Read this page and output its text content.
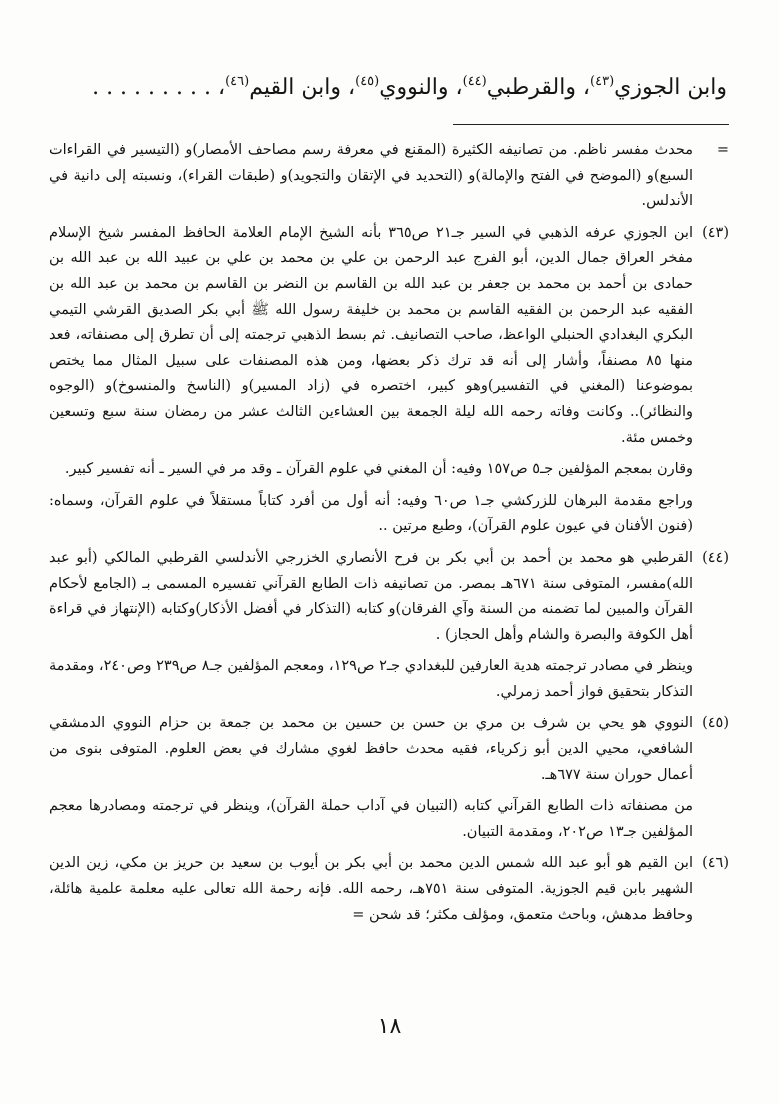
وابن الجوزي$^{(٤٣)}$، والقرطبي$^{(٤٤)}$، والنووي$^{(٤٥)}$، وابن القيم$^{(٤٦)}$، . . . . . . . . .
=

محدث مفسر ناظم. من تصانيفه الكثيرة (المقنع في معرفة رسم مصاحف الأمصار)و (التيسير في القراءات السبع)و (الموضح في الفتح والإمالة)و (التحديد في الإتقان والتجويد)و (طبقات القراء)، ونسبته إلى دانية في الأندلس.

(٤٣)

ابن الجوزي عرفه الذهبي في السير جـ٢١ ص٣٦٥ بأنه الشيخ الإمام العلامة الحافظ المفسر شيخ الإسلام مفخر العراق جمال الدين، أبو الفرج عبد الرحمن بن علي بن محمد بن علي بن عبيد الله بن عبد الله بن حمادى بن أحمد بن محمد بن جعفر بن عبد الله بن القاسم بن النضر بن القاسم بن محمد بن عبد الله بن الفقيه عبد الرحمن بن الفقيه القاسم بن محمد بن خليفة رسول الله ﷺ أبي بكر الصديق القرشي التيمي البكري البغدادي الحنبلي الواعظ، صاحب التصانيف. ثم بسط الذهبي ترجمته إلى أن تطرق إلى مصنفاته، فعد منها ٨٥ مصنفاً، وأشار إلى أنه قد ترك ذكر بعضها، ومن هذه المصنفات على سبيل المثال مما يختص بموضوعنا (المغني في التفسير)وهو كبير، اختصره في (زاد المسير)و (الناسخ والمنسوخ)و (الوجوه والنظائر).. وكانت وفاته رحمه الله ليلة الجمعة بين العشاءين الثالث عشر من رمضان سنة سبع وتسعين وخمس مئة.

وقارن بمعجم المؤلفين جـ٥ ص١٥٧ وفيه: أن المغني في علوم القرآن ـ وقد مر في السير ـ أنه تفسير كبير.

وراجع مقدمة البرهان للزركشي جـ١ ص٦٠ وفيه: أنه أول من أفرد كتاباً مستقلاً في علوم القرآن، وسماه: (فنون الأفنان في عيون علوم القرآن)، وطبع مرتين ..

(٤٤)

القرطبي هو محمد بن أحمد بن أبي بكر بن فرح الأنصاري الخزرجي الأندلسي القرطبي المالكي (أبو عبد الله)مفسر، المتوفى سنة ٦٧١هـ بمصر. من تصانيفه ذات الطابع القرآني تفسيره المسمى بـ (الجامع لأحكام القرآن والمبين لما تضمنه من السنة وآي الفرقان)و كتابه (التذكار في أفضل الأذكار)وكتابه (الإنتهاز في قراءة أهل الكوفة والبصرة والشام وأهل الحجاز) .

وينظر في مصادر ترجمته هدية العارفين للبغدادي جـ٢ ص١٢٩، ومعجم المؤلفين جـ٨ ص٢٣٩ وص٢٤٠، ومقدمة التذكار بتحقيق فواز أحمد زمرلي.

(٤٥)

النووي هو يحي بن شرف بن مري بن حسن بن حسين بن محمد بن جمعة بن حزام النووي الدمشقي الشافعي، محيي الدين أبو زكرياء، فقيه محدث حافظ لغوي مشارك في بعض العلوم. المتوفى بنوى من أعمال حوران سنة ٦٧٧هـ.

من مصنفاته ذات الطابع القرآني كتابه (التبيان في آداب حملة القرآن)، وينظر في ترجمته ومصادرها معجم المؤلفين جـ١٣ ص٢٠٢، ومقدمة التبيان.

(٤٦)

ابن القيم هو أبو عبد الله شمس الدين محمد بن أبي بكر بن أيوب بن سعيد بن حريز بن مكي، زين الدين الشهير بابن قيم الجوزية. المتوفى سنة ٧٥١هـ، رحمه الله. فإنه رحمة الله تعالى عليه معلمة علمية هائلة، وحافظ مدهش، وباحث متعمق، ومؤلف مكثر؛ قد شحن =

١٨
